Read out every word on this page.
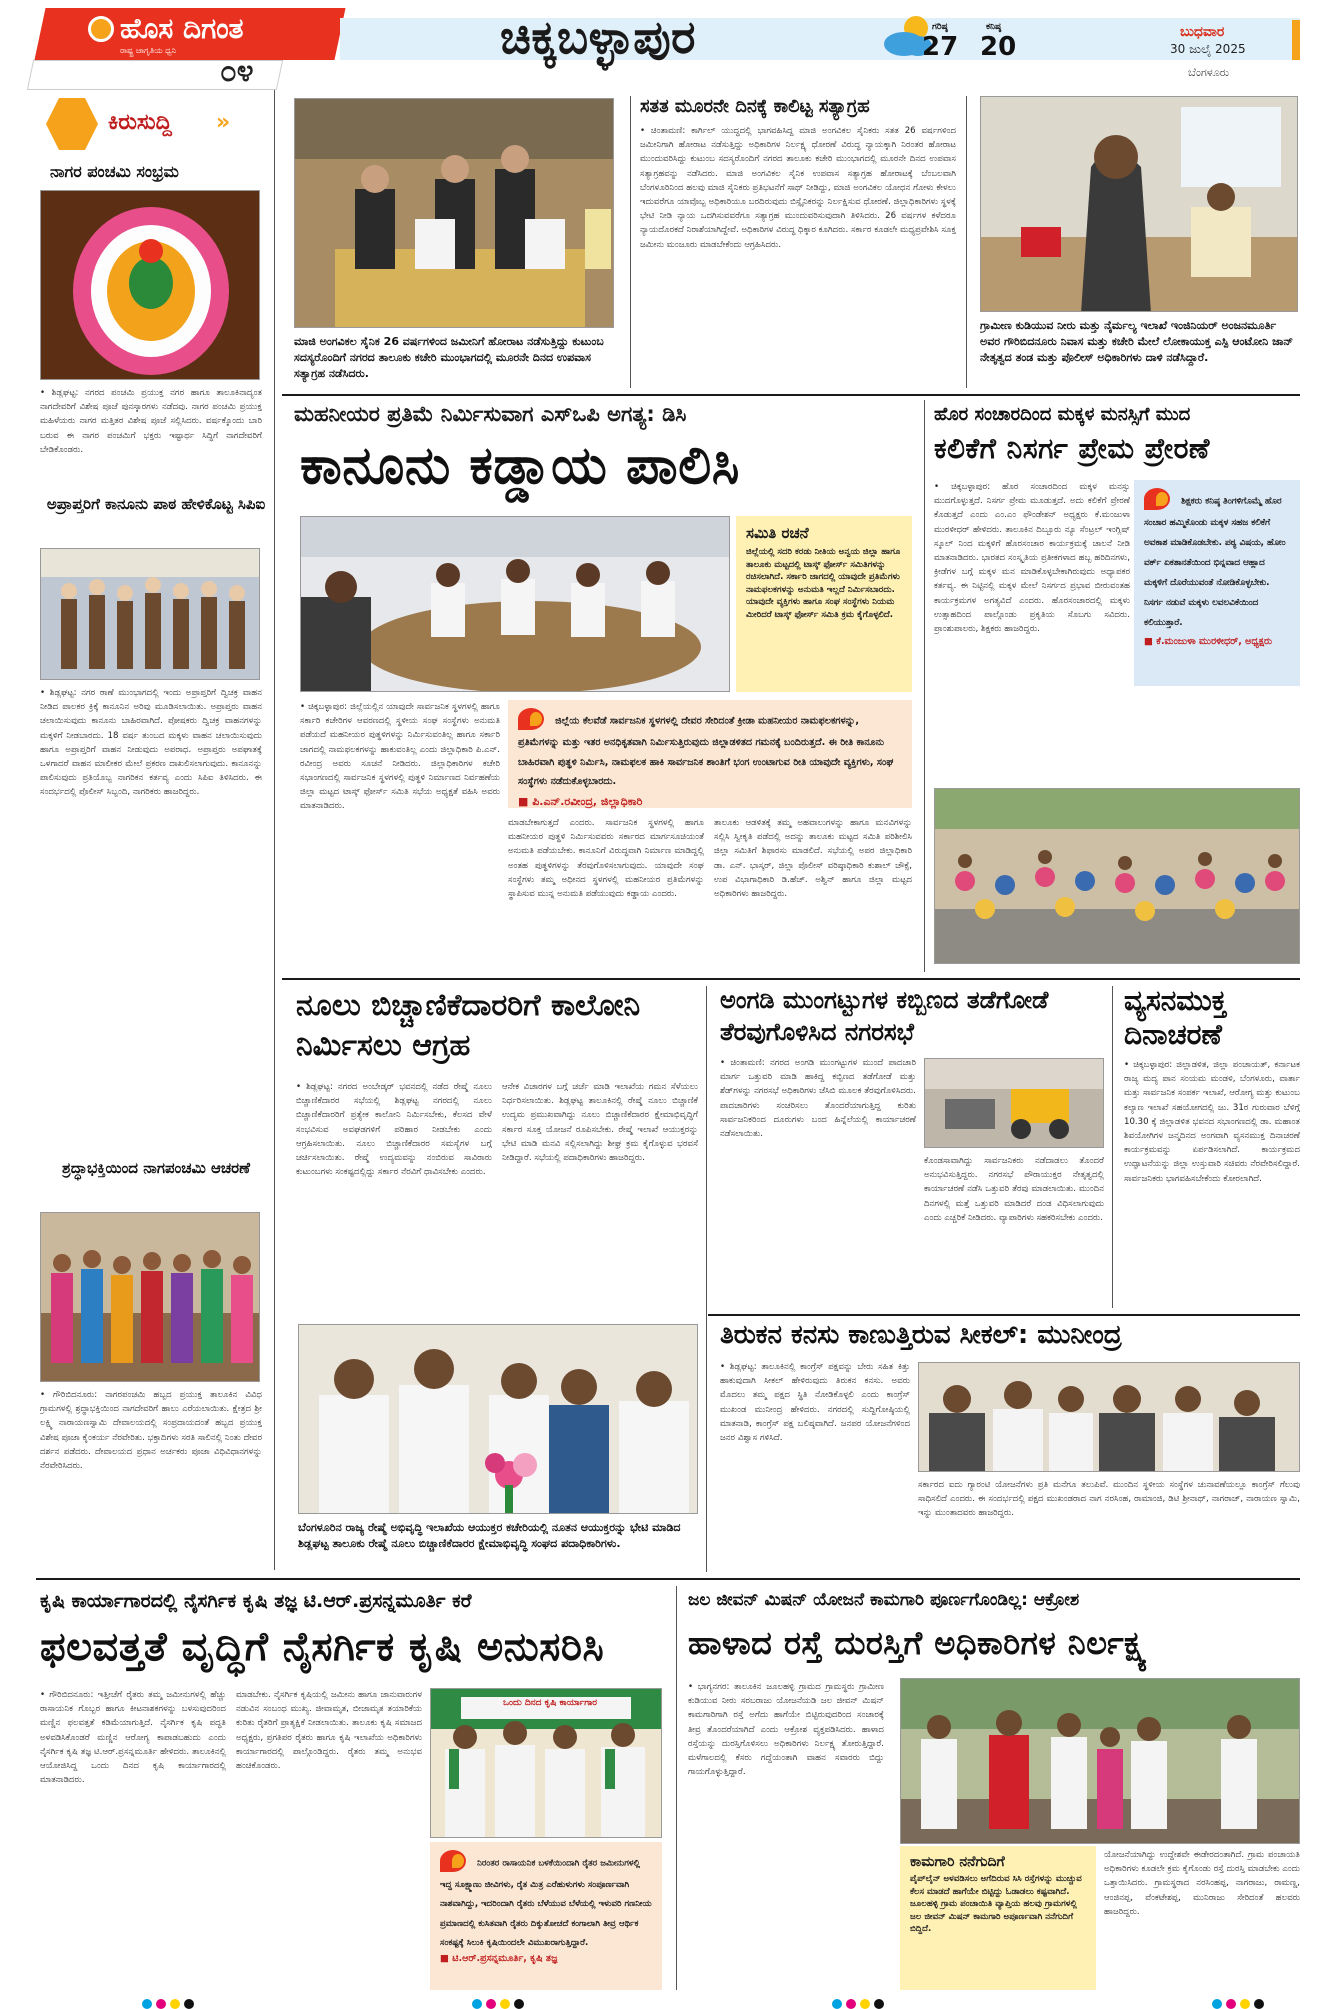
ಹೊಸ ದಿಗಂತ
ರಾಷ್ಟ್ರ ಜಾಗೃತಿಯ ಧ್ವನಿ
೦೪
ಚಿಕ್ಕಬಳ್ಳಾಪುರ	ಗರಿಷ್ಠ
27
ಕನಿಷ್ಠ
20	ಬುಧವಾರ
30 ಜುಲೈ 2025
ಬೆಂಗಳೂರು
ಕಿರುಸುದ್ದಿ »
ನಾಗರ ಪಂಚಮಿ ಸಂಭ್ರಮ
• ಶಿಡ್ಲಘಟ್ಟ: ನಗರದ ಪಂಚಮಿ ಪ್ರಯುಕ್ತ ನಗರ ಹಾಗೂ ತಾಲೂಕಿನಾದ್ಯಂತ ನಾಗದೇವರಿಗೆ ವಿಶೇಷ ಪೂಜೆ ಪುನಸ್ಕಾರಗಳು ನಡೆದವು. ನಾಗರ ಪಂಚಮಿ ಪ್ರಯುಕ್ತ ಮಹಿಳೆಯರು ನಾಗರ ಮತ್ತಿತರ ವಿಶೇಷ ಪೂಜೆ ಸಲ್ಲಿಸಿದರು. ವರ್ಷಕ್ಕೊಂದು ಬಾರಿ ಬರುವ ಈ ನಾಗರ ಪಂಚಮಿಗೆ ಭಕ್ತರು ಇಷ್ಟಾರ್ಥ ಸಿದ್ಧಿಗೆ ನಾಗದೇವರಿಗೆ ಬೇಡಿಕೊಂಡರು.
ಅಪ್ರಾಪ್ತರಿಗೆ ಕಾನೂನು ಪಾಠ ಹೇಳಿಕೊಟ್ಟ ಸಿಪಿಐ
• ಶಿಡ್ಲಘಟ್ಟ: ನಗರ ಠಾಣೆ ಮುಂಭಾಗದಲ್ಲಿ ಇಂದು ಅಪ್ರಾಪ್ತರಿಗೆ ದ್ವಿಚಕ್ರ ವಾಹನ ನೀಡಿದ ಪಾಲಕರ ಕ್ರಿಕ್ಕೆ ಕಾನೂನಿನ ಅರಿವು ಮೂಡಿಸಲಾಯಿತು. ಅಪ್ರಾಪ್ತರು ವಾಹನ ಚಲಾಯಿಸುವುದು ಕಾನೂನು ಬಾಹಿರವಾಗಿದೆ. ಪೋಷಕರು ದ್ವಿಚಕ್ರ ವಾಹನಗಳನ್ನು ಮಕ್ಕಳಿಗೆ ನೀಡಬಾರದು. 18 ವರ್ಷ ತುಂಬದ ಮಕ್ಕಳು ವಾಹನ ಚಲಾಯಿಸುವುದು ಹಾಗೂ ಅಪ್ರಾಪ್ತರಿಗೆ ವಾಹನ ನೀಡುವುದು ಅಪರಾಧ. ಅಪ್ರಾಪ್ತರು ಅಪಘಾತಕ್ಕೆ ಒಳಗಾದರೆ ವಾಹನ ಮಾಲೀಕರ ಮೇಲೆ ಪ್ರಕರಣ ದಾಖಲಿಸಲಾಗುವುದು. ಕಾನೂನನ್ನು ಪಾಲಿಸುವುದು ಪ್ರತಿಯೊಬ್ಬ ನಾಗರಿಕನ ಕರ್ತವ್ಯ ಎಂದು ಸಿಪಿಐ ತಿಳಿಸಿದರು. ಈ ಸಂದರ್ಭದಲ್ಲಿ ಪೊಲೀಸ್ ಸಿಬ್ಬಂದಿ, ನಾಗರಿಕರು ಹಾಜರಿದ್ದರು.
ಶ್ರದ್ಧಾಭಕ್ತಿಯಿಂದ ನಾಗಪಂಚಮಿ ಆಚರಣೆ
• ಗೌರಿಬಿದನೂರು: ನಾಗರಪಂಚಮಿ ಹಬ್ಬದ ಪ್ರಯುಕ್ತ ತಾಲೂಕಿನ ವಿವಿಧ ಗ್ರಾಮಗಳಲ್ಲಿ ಶ್ರದ್ಧಾಭಕ್ತಿಯಿಂದ ನಾಗದೇವರಿಗೆ ಹಾಲು ಎರೆಯಲಾಯಿತು. ಕ್ಷೇತ್ರದ ಶ್ರೀ ಲಕ್ಷ್ಮಿ ನಾರಾಯಣಸ್ವಾಮಿ ದೇವಾಲಯದಲ್ಲಿ ಸಂಪ್ರದಾಯದಂತೆ ಹಬ್ಬದ ಪ್ರಯುಕ್ತ ವಿಶೇಷ ಪೂಜಾ ಕೈಂಕರ್ಯ ನೆರವೇರಿತು. ಭಕ್ತಾದಿಗಳು ಸರತಿ ಸಾಲಿನಲ್ಲಿ ನಿಂತು ದೇವರ ದರ್ಶನ ಪಡೆದರು. ದೇವಾಲಯದ ಪ್ರಧಾನ ಅರ್ಚಕರು ಪೂಜಾ ವಿಧಿವಿಧಾನಗಳನ್ನು ನೆರವೇರಿಸಿದರು.
ಮಾಜಿ ಅಂಗವಿಕಲ ಸೈನಿಕ 26 ವರ್ಷಗಳಿಂದ ಜಮೀನಿಗೆ ಹೋರಾಟ ನಡೆಸುತ್ತಿದ್ದು ಕುಟುಂಬ ಸದಸ್ಯರೊಂದಿಗೆ ನಗರದ ತಾಲೂಕು ಕಚೇರಿ ಮುಂಭಾಗದಲ್ಲಿ ಮೂರನೇ ದಿನದ ಉಪವಾಸ ಸತ್ಯಾಗ್ರಹ ನಡೆಸಿದರು.
ಸತತ ಮೂರನೇ ದಿನಕ್ಕೆ ಕಾಲಿಟ್ಟ ಸತ್ಯಾಗ್ರಹ
• ಚಿಂತಾಮಣಿ: ಕಾರ್ಗಿಲ್ ಯುದ್ಧದಲ್ಲಿ ಭಾಗವಹಿಸಿದ್ದ ಮಾಜಿ ಅಂಗವಿಕಲ ಸೈನಿಕರು ಸತತ 26 ವರ್ಷಗಳಿಂದ ಜಮೀನಿಗಾಗಿ ಹೋರಾಟ ನಡೆಸುತ್ತಿದ್ದು ಅಧಿಕಾರಿಗಳ ನಿರ್ಲಕ್ಷ್ಯ ಧೋರಣೆ ವಿರುದ್ಧ ನ್ಯಾಯಕ್ಕಾಗಿ ನಿರಂತರ ಹೋರಾಟ ಮುಂದುವರಿಸಿದ್ದು ಕುಟುಂಬ ಸದಸ್ಯರೊಂದಿಗೆ ನಗರದ ತಾಲೂಕು ಕಚೇರಿ ಮುಂಭಾಗದಲ್ಲಿ ಮೂರನೇ ದಿನದ ಉಪವಾಸ ಸತ್ಯಾಗ್ರಹವನ್ನು ನಡೆಸಿದರು. ಮಾಜಿ ಅಂಗವಿಕಲ ಸೈನಿಕ ಉಪವಾಸ ಸತ್ಯಾಗ್ರಹ ಹೋರಾಟಕ್ಕೆ ಬೆಂಬಲವಾಗಿ ಬೆಂಗಳೂರಿನಿಂದ ಹಲವು ಮಾಜಿ ಸೈನಿಕರು ಪ್ರತಿಭಟನೆಗೆ ಸಾಥ್ ನೀಡಿದ್ದು, ಮಾಜಿ ಅಂಗವಿಕಲ ಯೋಧನ ಗೋಳು ಕೇಳಲು ಇದುವರೆಗೂ ಯಾವೊಬ್ಬ ಅಧಿಕಾರಿಯೂ ಬರದಿರುವುದು ಬಿಸ್ಸೈನಿಕರನ್ನು ನಿರ್ಲಕ್ಷಿಸುವ ಧೋರಣೆ. ಜಿಲ್ಲಾಧಿಕಾರಿಗಳು ಸ್ಥಳಕ್ಕೆ ಭೇಟಿ ನೀಡಿ ನ್ಯಾಯ ಒದಗಿಸುವವರೆಗೂ ಸತ್ಯಾಗ್ರಹ ಮುಂದುವರಿಸುವುದಾಗಿ ತಿಳಿಸಿದರು. 26 ವರ್ಷಗಳ ಕಳೆದರೂ ನ್ಯಾಯದೊರಕದೆ ನಿರಾಶೆಯಾಗಿದ್ದೇವೆ. ಅಧಿಕಾರಿಗಳ ವಿರುದ್ಧ ಧಿಕ್ಕಾರ ಕೂಗಿದರು. ಸರ್ಕಾರ ಕೂಡಲೇ ಮಧ್ಯಪ್ರವೇಶಿಸಿ ಸೂಕ್ತ ಜಮೀನು ಮಂಜೂರು ಮಾಡಬೇಕೆಂದು ಆಗ್ರಹಿಸಿದರು.
ಗ್ರಾಮೀಣ ಕುಡಿಯುವ ನೀರು ಮತ್ತು ನೈರ್ಮಲ್ಯ ಇಲಾಖೆ ಇಂಜಿನಿಯರ್ ಅಂಜನಮೂರ್ತಿ ಅವರ ಗೌರಿಬಿದನೂರು ನಿವಾಸ ಮತ್ತು ಕಚೇರಿ ಮೇಲೆ ಲೋಕಾಯುಕ್ತ ಎಸ್ಪಿ ಆಂಟೋನಿ ಜಾನ್ ನೇತೃತ್ವದ ತಂಡ ಮತ್ತು ಪೊಲೀಸ್ ಅಧಿಕಾರಿಗಳು ದಾಳಿ ನಡೆಸಿದ್ದಾರೆ.
ಮಹನೀಯರ ಪ್ರತಿಮೆ ನಿರ್ಮಿಸುವಾಗ ಎಸ್‌ಒಪಿ ಅಗತ್ಯ: ಡಿಸಿ
ಕಾನೂನು ಕಡ್ಡಾಯ ಪಾಲಿಸಿ
ಸಮಿತಿ ರಚನೆ
ಜಿಲ್ಲೆಯಲ್ಲಿ ಸದರಿ ಕರಡು ನೀತಿಯ ಅನ್ವಯ ಜಿಲ್ಲಾ ಹಾಗೂ ತಾಲೂಕು ಮಟ್ಟದಲ್ಲಿ ಟಾಸ್ಕ್ ಫೋರ್ಸ್ ಸಮಿತಿಗಳನ್ನು ರಚಿಸಲಾಗಿದೆ. ಸರ್ಕಾರಿ ಜಾಗದಲ್ಲಿ ಯಾವುದೇ ಪ್ರತಿಮೆಗಳು ನಾಮಫಲಕಗಳನ್ನು ಅನುಮತಿ ಇಲ್ಲದೆ ನಿರ್ಮಿಸಬಾರದು. ಯಾವುದೇ ವ್ಯಕ್ತಿಗಳು ಹಾಗೂ ಸಂಘ ಸಂಸ್ಥೆಗಳು ನಿಯಮ ಮೀರಿದರೆ ಟಾಸ್ಕ್ ಫೋರ್ಸ್ ಸಮಿತಿ ಕ್ರಮ ಕೈಗೊಳ್ಳಲಿದೆ.
• ಚಿಕ್ಕಬಳ್ಳಾಪುರ: ಜಿಲ್ಲೆಯಲ್ಲಿನ ಯಾವುದೇ ಸಾರ್ವಜನಿಕ ಸ್ಥಳಗಳಲ್ಲಿ ಹಾಗೂ ಸರ್ಕಾರಿ ಕಚೇರಿಗಳ ಆವರಣದಲ್ಲಿ ಸ್ಥಳೀಯ ಸಂಘ ಸಂಸ್ಥೆಗಳು ಅನುಮತಿ ಪಡೆಯದೆ ಮಹನೀಯರ ಪುತ್ಥಳಿಗಳನ್ನು ನಿರ್ಮಿಸುವಂತಿಲ್ಲ ಹಾಗೂ ಸರ್ಕಾರಿ ಜಾಗದಲ್ಲಿ ನಾಮಫಲಕಗಳನ್ನು ಹಾಕುವಂತಿಲ್ಲ ಎಂದು ಜಿಲ್ಲಾಧಿಕಾರಿ ಪಿ.ಎನ್. ರವೀಂದ್ರ ಅವರು ಸೂಚನೆ ನೀಡಿದರು. ಜಿಲ್ಲಾಧಿಕಾರಿಗಳ ಕಚೇರಿ ಸಭಾಂಗಣದಲ್ಲಿ ಸಾರ್ವಜನಿಕ ಸ್ಥಳಗಳಲ್ಲಿ ಪುತ್ಥಳಿ ನಿರ್ಮಾಣದ ನಿರ್ವಹಣೆಯ ಜಿಲ್ಲಾ ಮಟ್ಟದ ಟಾಸ್ಕ್ ಫೋರ್ಸ್ ಸಮಿತಿ ಸಭೆಯ ಅಧ್ಯಕ್ಷತೆ ವಹಿಸಿ ಅವರು ಮಾತನಾಡಿದರು.
ಜಿಲ್ಲೆಯ ಕೆಲವೆಡೆ ಸಾರ್ವಜನಿಕ ಸ್ಥಳಗಳಲ್ಲಿ ದೇವರ ಸೇರಿದಂತೆ ಕ್ರೀಡಾ ಮಹನೀಯರ ನಾಮಫಲಕಗಳನ್ನು, ಪ್ರತಿಮೆಗಳನ್ನು ಮತ್ತು ಇತರ ಅನಧಿಕೃತವಾಗಿ ನಿರ್ಮಿಸುತ್ತಿರುವುದು ಜಿಲ್ಲಾಡಳಿತದ ಗಮನಕ್ಕೆ ಬಂದಿರುತ್ತದೆ. ಈ ರೀತಿ ಕಾನೂನು ಬಾಹಿರವಾಗಿ ಪುತ್ಥಳಿ ನಿರ್ಮಿಸಿ, ನಾಮಫಲಕ ಹಾಕಿ ಸಾರ್ವಜನಿಕ ಶಾಂತಿಗೆ ಭಂಗ ಉಂಟಾಗುವ ರೀತಿ ಯಾವುದೇ ವ್ಯಕ್ತಿಗಳು, ಸಂಘ ಸಂಸ್ಥೆಗಳು ನಡೆದುಕೊಳ್ಳಬಾರದು.
■ ಪಿ.ಎನ್.ರವೀಂದ್ರ, ಜಿಲ್ಲಾಧಿಕಾರಿ
ಮಾಡಬೇಕಾಗುತ್ತದೆ ಎಂದರು. ಸಾರ್ವಜನಿಕ ಸ್ಥಳಗಳಲ್ಲಿ ಹಾಗೂ ಮಹನೀಯರ ಪುತ್ಥಳಿ ನಿರ್ಮಿಸುವವರು ಸರ್ಕಾರದ ಮಾರ್ಗಸೂಚಿಯಂತೆ ಅನುಮತಿ ಪಡೆಯಬೇಕು. ಕಾನೂನಿಗೆ ವಿರುದ್ಧವಾಗಿ ನಿರ್ಮಾಣ ಮಾಡಿದ್ದಲ್ಲಿ ಅಂತಹ ಪುತ್ಥಳಿಗಳನ್ನು ತೆರವುಗೊಳಿಸಲಾಗುವುದು. ಯಾವುದೇ ಸಂಘ ಸಂಸ್ಥೆಗಳು ತಮ್ಮ ಅಧೀನದ ಸ್ಥಳಗಳಲ್ಲಿ ಮಹನೀಯರ ಪ್ರತಿಮೆಗಳನ್ನು ಸ್ಥಾಪಿಸುವ ಮುನ್ನ ಅನುಮತಿ ಪಡೆಯುವುದು ಕಡ್ಡಾಯ ಎಂದರು.
ತಾಲೂಕು ಆಡಳಿತಕ್ಕೆ ತಮ್ಮ ಅಹವಾಲುಗಳನ್ನು ಹಾಗೂ ಮನವಿಗಳನ್ನು ಸಲ್ಲಿಸಿ ಸ್ವೀಕೃತಿ ಪಡೆದಲ್ಲಿ ಅದನ್ನು ತಾಲೂಕು ಮಟ್ಟದ ಸಮಿತಿ ಪರಿಶೀಲಿಸಿ ಜಿಲ್ಲಾ ಸಮಿತಿಗೆ ಶಿಫಾರಸು ಮಾಡಲಿದೆ. ಸಭೆಯಲ್ಲಿ ಅಪರ ಜಿಲ್ಲಾಧಿಕಾರಿ ಡಾ. ಎನ್. ಭಾಸ್ಕರ್, ಜಿಲ್ಲಾ ಪೊಲೀಸ್ ವರಿಷ್ಠಾಧಿಕಾರಿ ಕುಶಾಲ್ ಚೌಕ್ಸೆ, ಉಪ ವಿಭಾಗಾಧಿಕಾರಿ ಡಿ.ಹೆಚ್. ಅಶ್ವಿನ್ ಹಾಗೂ ಜಿಲ್ಲಾ ಮಟ್ಟದ ಅಧಿಕಾರಿಗಳು ಹಾಜರಿದ್ದರು.
ಹೊರ ಸಂಚಾರದಿಂದ ಮಕ್ಕಳ ಮನಸ್ಸಿಗೆ ಮುದ
ಕಲಿಕೆಗೆ ನಿಸರ್ಗ ಪ್ರೇಮ ಪ್ರೇರಣೆ
• ಚಿಕ್ಕಬಳ್ಳಾಪುರ: ಹೊರ ಸಂಚಾರದಿಂದ ಮಕ್ಕಳ ಮನಸ್ಸು ಮುದಗೊಳ್ಳುತ್ತದೆ. ನಿಸರ್ಗ ಪ್ರೇಮ ಮೂಡುತ್ತದೆ. ಅದು ಕಲಿಕೆಗೆ ಪ್ರೇರಣೆ ಕೊಡುತ್ತದೆ ಎಂದು ಎಂ.ಎಂ ಫೌಂಡೇಶನ್ ಅಧ್ಯಕ್ಷರು ಕೆ.ಮಂಜುಳಾ ಮುರಳೀಧರ್ ಹೇಳಿದರು. ತಾಲೂಕಿನ ದಿಬ್ಬೂರು ನ್ಯೂ ಸೆಂಟ್ರಲ್ ಇಂಗ್ಲಿಷ್ ಸ್ಕೂಲ್ ನಿಂದ ಮಕ್ಕಳಿಗೆ ಹೊರಸಂಚಾರ ಕಾರ್ಯಕ್ರಮಕ್ಕೆ ಚಾಲನೆ ನೀಡಿ ಮಾತನಾಡಿದರು. ಭಾರತದ ಸಂಸ್ಕೃತಿಯ ಪ್ರತೀಕಗಳಾದ ಹಬ್ಬ ಹರಿದಿನಗಳು, ಕ್ರೀಡೆಗಳ ಬಗ್ಗೆ ಮಕ್ಕಳ ಮನ ಮಾಡಿಕೊಳ್ಳಬೇಕಾಗಿರುವುದು ಅಧ್ಯಾಪಕರ ಕರ್ತವ್ಯ. ಈ ನಿಟ್ಟಿನಲ್ಲಿ ಮಕ್ಕಳ ಮೇಲೆ ನಿಸರ್ಗದ ಪ್ರಭಾವ ಬೀರುವಂತಹ ಕಾರ್ಯಕ್ರಮಗಳ ಅಗತ್ಯವಿದೆ ಎಂದರು. ಹೊರಸಂಚಾರದಲ್ಲಿ ಮಕ್ಕಳು ಉತ್ಸಾಹದಿಂದ ಪಾಲ್ಗೊಂಡು ಪ್ರಕೃತಿಯ ಸೊಬಗು ಸವಿದರು. ಪ್ರಾಂಶುಪಾಲರು, ಶಿಕ್ಷಕರು ಹಾಜರಿದ್ದರು.
ಶಿಕ್ಷಕರು ಕನಿಷ್ಠ ತಿಂಗಳಿಗೊಮ್ಮೆ ಹೊರ ಸಂಚಾರ ಹಮ್ಮಿಕೊಂಡು ಮಕ್ಕಳ ಸಹಜ ಕಲಿಕೆಗೆ ಅವಕಾಶ ಮಾಡಿಕೊಡಬೇಕು. ಪಠ್ಯ ವಿಷಯ, ಹೋಂ ವರ್ಕ್ ಏಕತಾನತೆಯಿಂದ ಭಿನ್ನವಾದ ಆಹ್ಲಾದ ಮಕ್ಕಳಿಗೆ ದೊರೆಯುವಂತೆ ನೋಡಿಕೊಳ್ಳಬೇಕು. ನಿಸರ್ಗ ನಡುವೆ ಮಕ್ಕಳು ಲವಲವಿಕೆಯಿಂದ ಕಲಿಯುತ್ತಾರೆ.
■ ಕೆ.ಮಂಜುಳಾ ಮುರಳೀಧರ್, ಅಧ್ಯಕ್ಷರು
ನೂಲು ಬಿಚ್ಚಾಣಿಕೆದಾರರಿಗೆ ಕಾಲೋನಿ ನಿರ್ಮಿಸಲು ಆಗ್ರಹ
• ಶಿಡ್ಲಘಟ್ಟ: ನಗರದ ಅಂಬೇಡ್ಕರ್ ಭವನದಲ್ಲಿ ನಡೆದ ರೇಷ್ಮೆ ನೂಲು ಬಿಚ್ಚಾಣಿಕೆದಾರರ ಸಭೆಯಲ್ಲಿ ಶಿಡ್ಲಘಟ್ಟ ನಗರದಲ್ಲಿ ನೂಲು ಬಿಚ್ಚಾಣಿಕೆದಾರರಿಗೆ ಪ್ರತ್ಯೇಕ ಕಾಲೋನಿ ನಿರ್ಮಿಸಬೇಕು, ಕೆಲಸದ ವೇಳೆ ಸಂಭವಿಸುವ ಅವಘಡಗಳಿಗೆ ಪರಿಹಾರ ನೀಡಬೇಕು ಎಂದು ಆಗ್ರಹಿಸಲಾಯಿತು. ನೂಲು ಬಿಚ್ಚಾಣಿಕೆದಾರರ ಸಮಸ್ಯೆಗಳ ಬಗ್ಗೆ ಚರ್ಚಿಸಲಾಯಿತು. ರೇಷ್ಮೆ ಉದ್ಯಮವನ್ನು ನಂಬಿರುವ ಸಾವಿರಾರು ಕುಟುಂಬಗಳು ಸಂಕಷ್ಟದಲ್ಲಿದ್ದು ಸರ್ಕಾರ ನೆರವಿಗೆ ಧಾವಿಸಬೇಕು ಎಂದರು.
ಆನೇಕ ವಿಚಾರಗಳ ಬಗ್ಗೆ ಚರ್ಚೆ ಮಾಡಿ ಇಲಾಖೆಯ ಗಮನ ಸೆಳೆಯಲು ನಿರ್ಧರಿಸಲಾಯಿತು. ಶಿಡ್ಲಘಟ್ಟ ತಾಲೂಕಿನಲ್ಲಿ ರೇಷ್ಮೆ ನೂಲು ಬಿಚ್ಚಾಣಿಕೆ ಉದ್ಯಮ ಪ್ರಮುಖವಾಗಿದ್ದು ನೂಲು ಬಿಚ್ಚಾಣಿಕೆದಾರರ ಕ್ಷೇಮಾಭಿವೃದ್ಧಿಗೆ ಸರ್ಕಾರ ಸೂಕ್ತ ಯೋಜನೆ ರೂಪಿಸಬೇಕು. ರೇಷ್ಮೆ ಇಲಾಖೆ ಆಯುಕ್ತರನ್ನು ಭೇಟಿ ಮಾಡಿ ಮನವಿ ಸಲ್ಲಿಸಲಾಗಿದ್ದು ಶೀಘ್ರ ಕ್ರಮ ಕೈಗೊಳ್ಳುವ ಭರವಸೆ ನೀಡಿದ್ದಾರೆ. ಸಭೆಯಲ್ಲಿ ಪದಾಧಿಕಾರಿಗಳು ಹಾಜರಿದ್ದರು.
ಬೆಂಗಳೂರಿನ ರಾಜ್ಯ ರೇಷ್ಮೆ ಅಭಿವೃದ್ಧಿ ಇಲಾಖೆಯ ಆಯುಕ್ತರ ಕಚೇರಿಯಲ್ಲಿ ನೂತನ ಆಯುಕ್ತರನ್ನು ಭೇಟಿ ಮಾಡಿದ ಶಿಡ್ಲಘಟ್ಟ ತಾಲೂಕು ರೇಷ್ಮೆ ನೂಲು ಬಿಚ್ಚಾಣಿಕೆದಾರರ ಕ್ಷೇಮಾಭಿವೃದ್ಧಿ ಸಂಘದ ಪದಾಧಿಕಾರಿಗಳು.
ಅಂಗಡಿ ಮುಂಗಟ್ಟುಗಳ ಕಬ್ಬಿಣದ ತಡೆಗೋಡೆ ತೆರವುಗೊಳಿಸಿದ ನಗರಸಭೆ
• ಚಿಂತಾಮಣಿ: ನಗರದ ಅಂಗಡಿ ಮುಂಗಟ್ಟುಗಳ ಮುಂದೆ ಪಾದಚಾರಿ ಮಾರ್ಗ ಒತ್ತುವರಿ ಮಾಡಿ ಹಾಕಿದ್ದ ಕಬ್ಬಿಣದ ತಡೆಗೋಡೆ ಮತ್ತು ಶೆಡ್‌ಗಳನ್ನು ನಗರಸಭೆ ಅಧಿಕಾರಿಗಳು ಜೆಸಿಬಿ ಮೂಲಕ ತೆರವುಗೊಳಿಸಿದರು. ಪಾದಚಾರಿಗಳು ಸಂಚರಿಸಲು ತೊಂದರೆಯಾಗುತ್ತಿದ್ದ ಕುರಿತು ಸಾರ್ವಜನಿಕರಿಂದ ದೂರುಗಳು ಬಂದ ಹಿನ್ನೆಲೆಯಲ್ಲಿ ಕಾರ್ಯಾಚರಣೆ ನಡೆಸಲಾಯಿತು.
ಕೊಂಡಸಾವಾಗಿದ್ದು ಸಾರ್ವಜನಿಕರು ನಡೆದಾಡಲು ತೊಂದರೆ ಅನುಭವಿಸುತ್ತಿದ್ದರು. ನಗರಸಭೆ ಪೌರಾಯುಕ್ತರ ನೇತೃತ್ವದಲ್ಲಿ ಕಾರ್ಯಾಚರಣೆ ನಡೆಸಿ ಒತ್ತುವರಿ ತೆರವು ಮಾಡಲಾಯಿತು. ಮುಂದಿನ ದಿನಗಳಲ್ಲಿ ಮತ್ತೆ ಒತ್ತುವರಿ ಮಾಡಿದರೆ ದಂಡ ವಿಧಿಸಲಾಗುವುದು ಎಂದು ಎಚ್ಚರಿಕೆ ನೀಡಿದರು. ವ್ಯಾಪಾರಿಗಳು ಸಹಕರಿಸಬೇಕು ಎಂದರು.
ವ್ಯಸನಮುಕ್ತ ದಿನಾಚರಣೆ
• ಚಿಕ್ಕಬಳ್ಳಾಪುರ: ಜಿಲ್ಲಾಡಳಿತ, ಜಿಲ್ಲಾ ಪಂಚಾಯತ್, ಕರ್ನಾಟಕ ರಾಜ್ಯ ಮದ್ಯ ಪಾನ ಸಂಯಮ ಮಂಡಳಿ, ಬೆಂಗಳೂರು, ವಾರ್ತಾ ಮತ್ತು ಸಾರ್ವಜನಿಕ ಸಂಪರ್ಕ ಇಲಾಖೆ, ಆರೋಗ್ಯ ಮತ್ತು ಕುಟುಂಬ ಕಲ್ಯಾಣ ಇಲಾಖೆ ಸಹಯೋಗದಲ್ಲಿ ಜು. 31ರ ಗುರುವಾರ ಬೆಳಿಗ್ಗೆ 10.30 ಕ್ಕೆ ಜಿಲ್ಲಾಡಳಿತ ಭವನದ ಸಭಾಂಗಣದಲ್ಲಿ ಡಾ. ಮಹಾಂತ ಶಿವಯೋಗಿಗಳ ಜನ್ಮದಿನದ ಅಂಗವಾಗಿ ವ್ಯಸನಮುಕ್ತ ದಿನಾಚರಣೆ ಕಾರ್ಯಕ್ರಮವನ್ನು ಏರ್ಪಡಿಸಲಾಗಿದೆ. ಕಾರ್ಯಕ್ರಮದ ಉದ್ಘಾಟನೆಯನ್ನು ಜಿಲ್ಲಾ ಉಸ್ತುವಾರಿ ಸಚಿವರು ನೆರವೇರಿಸಲಿದ್ದಾರೆ. ಸಾರ್ವಜನಿಕರು ಭಾಗವಹಿಸಬೇಕೆಂದು ಕೋರಲಾಗಿದೆ.
ತಿರುಕನ ಕನಸು ಕಾಣುತ್ತಿರುವ ಸೀಕಲ್: ಮುನೀಂದ್ರ
• ಶಿಡ್ಲಘಟ್ಟ: ತಾಲೂಕಿನಲ್ಲಿ ಕಾಂಗ್ರೆಸ್ ಪಕ್ಷವನ್ನು ಬೇರು ಸಹಿತ ಕಿತ್ತು ಹಾಕುವುದಾಗಿ ಸೀಕಲ್ ಹೇಳಿರುವುದು ತಿರುಕನ ಕನಸು. ಅವರು ಮೊದಲು ತಮ್ಮ ಪಕ್ಷದ ಸ್ಥಿತಿ ನೋಡಿಕೊಳ್ಳಲಿ ಎಂದು ಕಾಂಗ್ರೆಸ್ ಮುಖಂಡ ಮುನೀಂದ್ರ ಹೇಳಿದರು. ನಗರದಲ್ಲಿ ಸುದ್ದಿಗೋಷ್ಠಿಯಲ್ಲಿ ಮಾತನಾಡಿ, ಕಾಂಗ್ರೆಸ್ ಪಕ್ಷ ಬಲಿಷ್ಠವಾಗಿದೆ. ಜನಪರ ಯೋಜನೆಗಳಿಂದ ಜನರ ವಿಶ್ವಾಸ ಗಳಿಸಿದೆ.
ಸರ್ಕಾರದ ಐದು ಗ್ಯಾರಂಟಿ ಯೋಜನೆಗಳು ಪ್ರತಿ ಮನೆಗೂ ತಲುಪಿವೆ. ಮುಂದಿನ ಸ್ಥಳೀಯ ಸಂಸ್ಥೆಗಳ ಚುನಾವಣೆಯಲ್ಲೂ ಕಾಂಗ್ರೆಸ್ ಗೆಲುವು ಸಾಧಿಸಲಿದೆ ಎಂದರು. ಈ ಸಂದರ್ಭದಲ್ಲಿ ಪಕ್ಷದ ಮುಖಂಡರಾದ ನಾಗ ನರಸಿಂಹ, ರಾಮಾಂಜಿ, ಡಿಟಿ ಶ್ರೀನಾಥ್, ನಾಗರಾಜ್, ನಾರಾಯಣ ಸ್ವಾಮಿ, ಇನ್ನು ಮುಂತಾದವರು ಹಾಜರಿದ್ದರು.
ಕೃಷಿ ಕಾರ್ಯಾಗಾರದಲ್ಲಿ ನೈಸರ್ಗಿಕ ಕೃಷಿ ತಜ್ಞ ಟಿ.ಆರ್.ಪ್ರಸನ್ನಮೂರ್ತಿ ಕರೆ
ಫಲವತ್ತತೆ ವೃದ್ಧಿಗೆ ನೈಸರ್ಗಿಕ ಕೃಷಿ ಅನುಸರಿಸಿ
• ಗೌರಿಬಿದನೂರು: ಇತ್ತೀಚೆಗೆ ರೈತರು ತಮ್ಮ ಜಮೀನುಗಳಲ್ಲಿ ಹೆಚ್ಚು ರಾಸಾಯನಿಕ ಗೊಬ್ಬರ ಹಾಗೂ ಕೀಟನಾಶಕಗಳನ್ನು ಬಳಸುವುದರಿಂದ ಮಣ್ಣಿನ ಫಲವತ್ತತೆ ಕಡಿಮೆಯಾಗುತ್ತಿದೆ. ನೈಸರ್ಗಿಕ ಕೃಷಿ ಪದ್ಧತಿ ಅಳವಡಿಸಿಕೊಂಡರೆ ಮಣ್ಣಿನ ಆರೋಗ್ಯ ಕಾಪಾಡಬಹುದು ಎಂದು ನೈಸರ್ಗಿಕ ಕೃಷಿ ತಜ್ಞ ಟಿ.ಆರ್.ಪ್ರಸನ್ನಮೂರ್ತಿ ಹೇಳಿದರು. ತಾಲೂಕಿನಲ್ಲಿ ಆಯೋಜಿಸಿದ್ದ ಒಂದು ದಿನದ ಕೃಷಿ ಕಾರ್ಯಾಗಾರದಲ್ಲಿ ಮಾತನಾಡಿದರು.
ಮಾಡಬೇಕು. ನೈಸರ್ಗಿಕ ಕೃಷಿಯಲ್ಲಿ ಜಮೀನು ಹಾಗೂ ಜಾನುವಾರುಗಳ ನಡುವಿನ ಸಂಬಂಧ ಮುಖ್ಯ. ಜೀವಾಮೃತ, ಬೀಜಾಮೃತ ತಯಾರಿಕೆಯ ಕುರಿತು ರೈತರಿಗೆ ಪ್ರಾತ್ಯಕ್ಷಿಕೆ ನೀಡಲಾಯಿತು. ತಾಲೂಕು ಕೃಷಿ ಸಮಾಜದ ಅಧ್ಯಕ್ಷರು, ಪ್ರಗತಿಪರ ರೈತರು ಹಾಗೂ ಕೃಷಿ ಇಲಾಖೆಯ ಅಧಿಕಾರಿಗಳು ಕಾರ್ಯಾಗಾರದಲ್ಲಿ ಪಾಲ್ಗೊಂಡಿದ್ದರು. ರೈತರು ತಮ್ಮ ಅನುಭವ ಹಂಚಿಕೊಂಡರು.
ಒಂದು ದಿನದ ಕೃಷಿ ಕಾರ್ಯಾಗಾರ
ನಿರಂತರ ರಾಸಾಯನಿಕ ಬಳಕೆಯಿಂದಾಗಿ ರೈತರ ಜಮೀನುಗಳಲ್ಲಿ ಇದ್ದ ಸೂಕ್ಷ್ಮಾಣು ಜೀವಿಗಳು, ರೈತ ಮಿತ್ರ ಎರೆಹುಳುಗಳು ಸಂಪೂರ್ಣವಾಗಿ ನಾಶವಾಗಿದ್ದು, ಇದರಿಂದಾಗಿ ರೈತರು ಬೆಳೆಯುವ ಬೆಳೆಯಲ್ಲಿ ಇಳುವರಿ ಗಣನೀಯ ಪ್ರಮಾಣದಲ್ಲಿ ಕುಸಿತವಾಗಿ ರೈತರು ದಿಕ್ಕುತೋಚದೆ ಕಂಗಾಲಾಗಿ ತೀವ್ರ ಆರ್ಥಿಕ ಸಂಕಷ್ಟಕ್ಕೆ ಸಿಲುಕಿ ಕೃಷಿಯಿಂದಲೇ ವಿಮುಖರಾಗುತ್ತಿದ್ದಾರೆ.
■ ಟಿ.ಆರ್.ಪ್ರಸನ್ನಮೂರ್ತಿ, ಕೃಷಿ ತಜ್ಞ
ಜಲ ಜೀವನ್ ಮಿಷನ್ ಯೋಜನೆ ಕಾಮಗಾರಿ ಪೂರ್ಣಗೊಂಡಿಲ್ಲ: ಆಕ್ರೋಶ
ಹಾಳಾದ ರಸ್ತೆ ದುರಸ್ತಿಗೆ ಅಧಿಕಾರಿಗಳ ನಿರ್ಲಕ್ಷ್ಯ
• ಭಾಗ್ಯನಗರ: ತಾಲೂಕಿನ ಜೂಲಹಳ್ಳಿ ಗ್ರಾಮದ ಗ್ರಾಮಸ್ಥರು ಗ್ರಾಮೀಣ ಕುಡಿಯುವ ನೀರು ಸರಬರಾಜು ಯೋಜನೆಯಡಿ ಜಲ ಜೀವನ್ ಮಿಷನ್ ಕಾಮಗಾರಿಗಾಗಿ ರಸ್ತೆ ಅಗೆದು ಹಾಗೆಯೇ ಬಿಟ್ಟಿರುವುದರಿಂದ ಸಂಚಾರಕ್ಕೆ ತೀವ್ರ ತೊಂದರೆಯಾಗಿದೆ ಎಂದು ಆಕ್ರೋಶ ವ್ಯಕ್ತಪಡಿಸಿದರು. ಹಾಳಾದ ರಸ್ತೆಯನ್ನು ದುರಸ್ತಿಗೊಳಿಸಲು ಅಧಿಕಾರಿಗಳು ನಿರ್ಲಕ್ಷ್ಯ ತೋರುತ್ತಿದ್ದಾರೆ. ಮಳೆಗಾಲದಲ್ಲಿ ಕೆಸರು ಗದ್ದೆಯಂತಾಗಿ ವಾಹನ ಸವಾರರು ಬಿದ್ದು ಗಾಯಗೊಳ್ಳುತ್ತಿದ್ದಾರೆ.
ಕಾಮಗಾರಿ ನನೆಗುದಿಗೆ
ಪೈಪ್‌ಲೈನ್ ಅಳವಡಿಸಲು ಅಗೆದಿರುವ ಸಿಸಿ ರಸ್ತೆಗಳನ್ನು ಮುಚ್ಚುವ ಕೆಲಸ ಮಾಡದೆ ಹಾಗೆಯೇ ಬಿಟ್ಟಿದ್ದು ಓಡಾಡಲು ಕಷ್ಟವಾಗಿದೆ. ಜೂಲಹಳ್ಳಿ ಗ್ರಾಮ ಪಂಚಾಯಿತಿ ವ್ಯಾಪ್ತಿಯ ಹಲವು ಗ್ರಾಮಗಳಲ್ಲಿ ಜಲ ಜೀವನ್ ಮಿಷನ್ ಕಾಮಗಾರಿ ಅಪೂರ್ಣವಾಗಿ ನನೆಗುದಿಗೆ ಬಿದ್ದಿದೆ.
ಯೋಜನೆಯಾಗಿದ್ದು ಉದ್ದೇಶವೇ ಈಡೇರದಂತಾಗಿದೆ. ಗ್ರಾಮ ಪಂಚಾಯತಿ ಅಧಿಕಾರಿಗಳು ಕೂಡಲೇ ಕ್ರಮ ಕೈಗೊಂಡು ರಸ್ತೆ ದುರಸ್ತಿ ಮಾಡಬೇಕು ಎಂದು ಒತ್ತಾಯಿಸಿದರು. ಗ್ರಾಮಸ್ಥರಾದ ನರಸಿಂಹಪ್ಪ, ನಾಗರಾಜು, ರಾಮಣ್ಣ, ಆಂಜಿನಪ್ಪ, ವೆಂಕಟೇಶಪ್ಪ, ಮುನಿರಾಜು ಸೇರಿದಂತೆ ಹಲವರು ಹಾಜರಿದ್ದರು.
